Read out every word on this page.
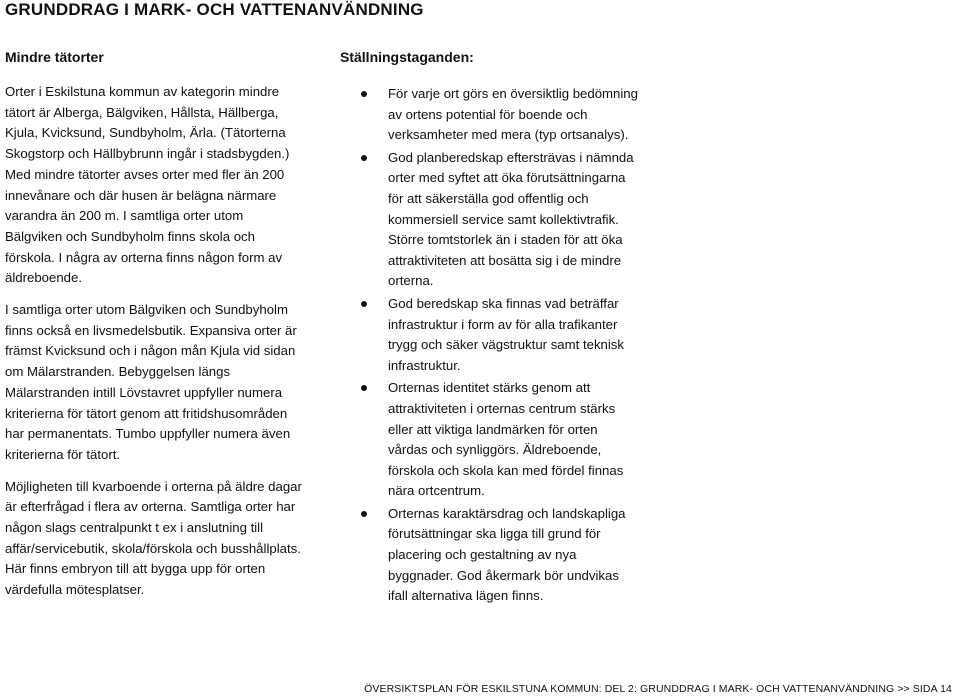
GRUNDDRAG I MARK- OCH VATTENANVÄNDNING
Mindre tätorter

Orter i Eskilstuna kommun av kategorin mindre tätort är Alberga, Bälgviken, Hållsta, Hällberga, Kjula, Kvicksund, Sundbyholm, Ärla. (Tätorterna Skogstorp och Hällbybrunn ingår i stadsbygden.) Med mindre tätorter avses orter med fler än 200 innevånare och där husen är belägna närmare varandra än 200 m. I samtliga orter utom Bälgviken och Sundbyholm finns skola och förskola. I några av orterna finns någon form av äldreboende.

I samtliga orter utom Bälgviken och Sundbyholm finns också en livsmedelsbutik. Expansiva orter är främst Kvicksund och i någon mån Kjula vid sidan om Mälarstranden. Bebyggelsen längs Mälarstranden intill Lövstavret uppfyller numera kriterierna för tätort genom att fritidshusområden har permanentats. Tumbo uppfyller numera även kriterierna för tätort.

Möjligheten till kvarboende i orterna på äldre dagar är efterfrågad i flera av orterna. Samtliga orter har någon slags centralpunkt t ex i anslutning till affär/servicebutik, skola/förskola och busshållplats. Här finns embryon till att bygga upp för orten värdefulla mötesplatser.

Ställningstaganden:
För varje ort görs en översiktlig bedömning av ortens potential för boende och verksamheter med mera (typ ortsanalys).
God planberedskap eftersträvas i nämnda orter med syftet att öka förutsättningarna för att säkerställa god offentlig och kommersiell service samt kollektivtrafik. Större tomtstorlek än i staden för att öka attraktiviteten att bosätta sig i de mindre orterna.
God beredskap ska finnas vad beträffar infrastruktur i form av för alla trafikanter trygg och säker vägstruktur samt teknisk infrastruktur.
Orternas identitet stärks genom att attraktiviteten i orternas centrum stärks eller att viktiga landmärken för orten vårdas och synliggörs. Äldreboende, förskola och skola kan med fördel finnas nära ortcentrum.
Orternas karaktärsdrag och landskapliga förutsättningar ska ligga till grund för placering och gestaltning av nya byggnader. God åkermark bör undvikas ifall alternativa lägen finns.
ÖVERSIKTSPLAN FÖR ESKILSTUNA KOMMUN: DEL 2: GRUNDDRAG I MARK- OCH VATTENANVÄNDNING >> SIDA 14
